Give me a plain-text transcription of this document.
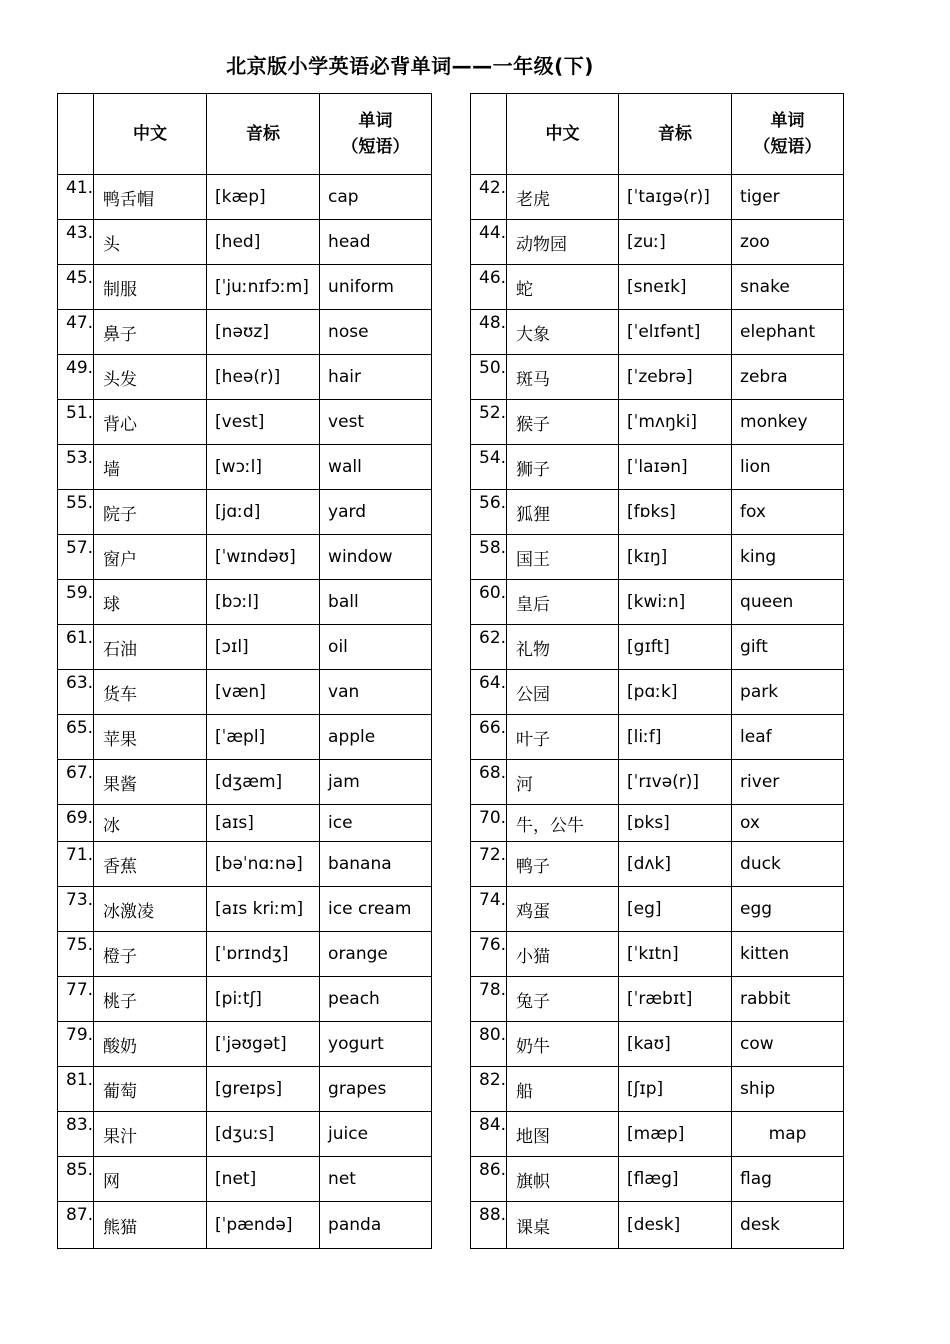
北京版小学英语必背单词——一年级(下)
	中文	音标	单词
（短语）

41.	鸭舌帽	[kæp]	cap
43.	头	[hed]	head
45.	制服	[ˈjuːnɪfɔːm]	uniform
47.	鼻子	[nəʊz]	nose
49.	头发	[heə(r)]	hair
51.	背心	[vest]	vest
53.	墙	[wɔːl]	wall
55.	院子	[jɑːd]	yard
57.	窗户	[ˈwɪndəʊ]	window
59.	球	[bɔːl]	ball
61.	石油	[ɔɪl]	oil
63.	货车	[væn]	van
65.	苹果	[ˈæpl]	apple
67.	果酱	[dʒæm]	jam
69.	冰	[aɪs]	ice
71.	香蕉	[bəˈnɑːnə]	banana
73.	冰激凌	[aɪs kriːm]	ice cream
75.	橙子	[ˈɒrɪndʒ]	orange
77.	桃子	[piːtʃ]	peach
79.	酸奶	[ˈjəʊgət]	yogurt
81.	葡萄	[greɪps]	grapes
83.	果汁	[dʒuːs]	juice
85.	网	[net]	net
87.	熊猫	[ˈpændə]	panda
	中文	音标	单词
（短语）

42.	老虎	[ˈtaɪgə(r)]	tiger
44.	动物园	[zuː]	zoo
46.	蛇	[sneɪk]	snake
48.	大象	[ˈelɪfənt]	elephant
50.	斑马	[ˈzebrə]	zebra
52.	猴子	[ˈmʌŋki]	monkey
54.	狮子	[ˈlaɪən]	lion
56.	狐狸	[fɒks]	fox
58.	国王	[kɪŋ]	king
60.	皇后	[kwiːn]	queen
62.	礼物	[gɪft]	gift
64.	公园	[pɑːk]	park
66.	叶子	[liːf]	leaf
68.	河	[ˈrɪvə(r)]	river
70.	牛，公牛	[ɒks]	ox
72.	鸭子	[dʌk]	duck
74.	鸡蛋	[eg]	egg
76.	小猫	[ˈkɪtn]	kitten
78.	兔子	[ˈræbɪt]	rabbit
80.	奶牛	[kaʊ]	cow
82.	船	[ʃɪp]	ship
84.	地图	[mæp]	map
86.	旗帜	[flæg]	flag
88.	课桌	[desk]	desk
